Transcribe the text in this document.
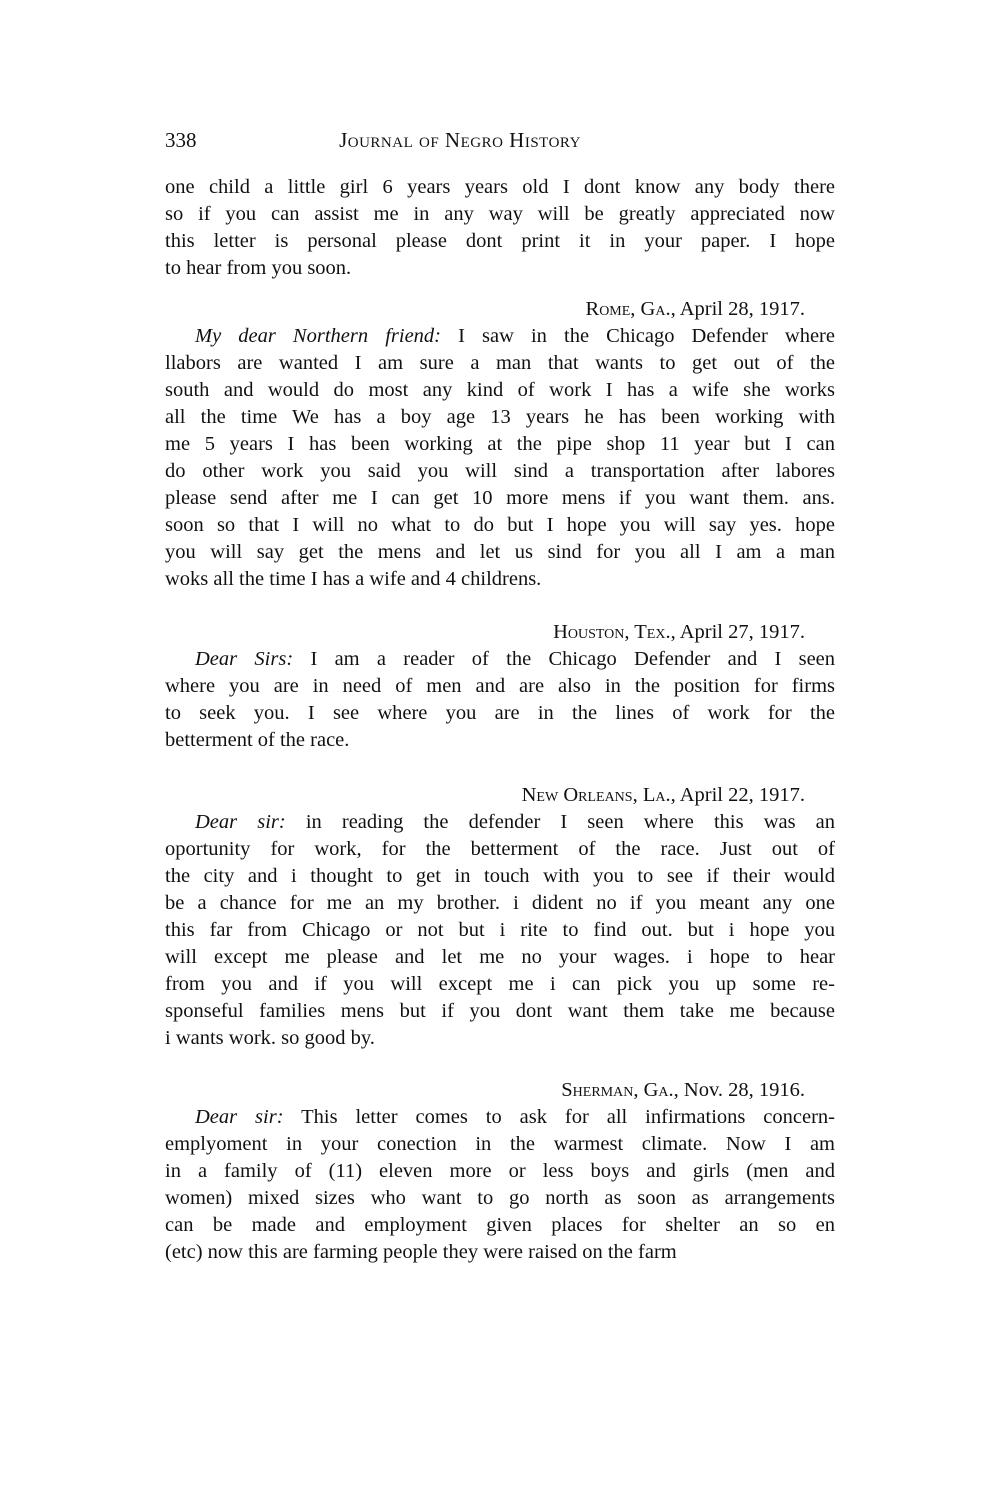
338	Journal of Negro History
one child a little girl 6 years years old I dont know any body there
so if you can assist me in any way will be greatly appreciated now
this letter is personal please dont print it in your paper. I hope
to hear from you soon.
Rome, Ga., April 28, 1917.
My dear Northern friend: I saw in the Chicago Defender where
llabors are wanted I am sure a man that wants to get out of the
south and would do most any kind of work I has a wife she works
all the time We has a boy age 13 years he has been working with
me 5 years I has been working at the pipe shop 11 year but I can
do other work you said you will sind a transportation after labores
please send after me I can get 10 more mens if you want them. ans.
soon so that I will no what to do but I hope you will say yes. hope
you will say get the mens and let us sind for you all I am a man
woks all the time I has a wife and 4 childrens.
Houston, Tex., April 27, 1917.
Dear Sirs: I am a reader of the Chicago Defender and I seen
where you are in need of men and are also in the position for firms
to seek you. I see where you are in the lines of work for the
betterment of the race.
New Orleans, La., April 22, 1917.
Dear sir: in reading the defender I seen where this was an
oportunity for work, for the betterment of the race. Just out of
the city and i thought to get in touch with you to see if their would
be a chance for me an my brother. i dident no if you meant any one
this far from Chicago or not but i rite to find out. but i hope you
will except me please and let me no your wages. i hope to hear
from you and if you will except me i can pick you up some re-
sponseful families mens but if you dont want them take me because
i wants work. so good by.
Sherman, Ga., Nov. 28, 1916.
Dear sir: This letter comes to ask for all infirmations concern-
emplyoment in your conection in the warmest climate. Now I am
in a family of (11) eleven more or less boys and girls (men and
women) mixed sizes who want to go north as soon as arrangements
can be made and employment given places for shelter an so en
(etc) now this are farming people they were raised on the farm
